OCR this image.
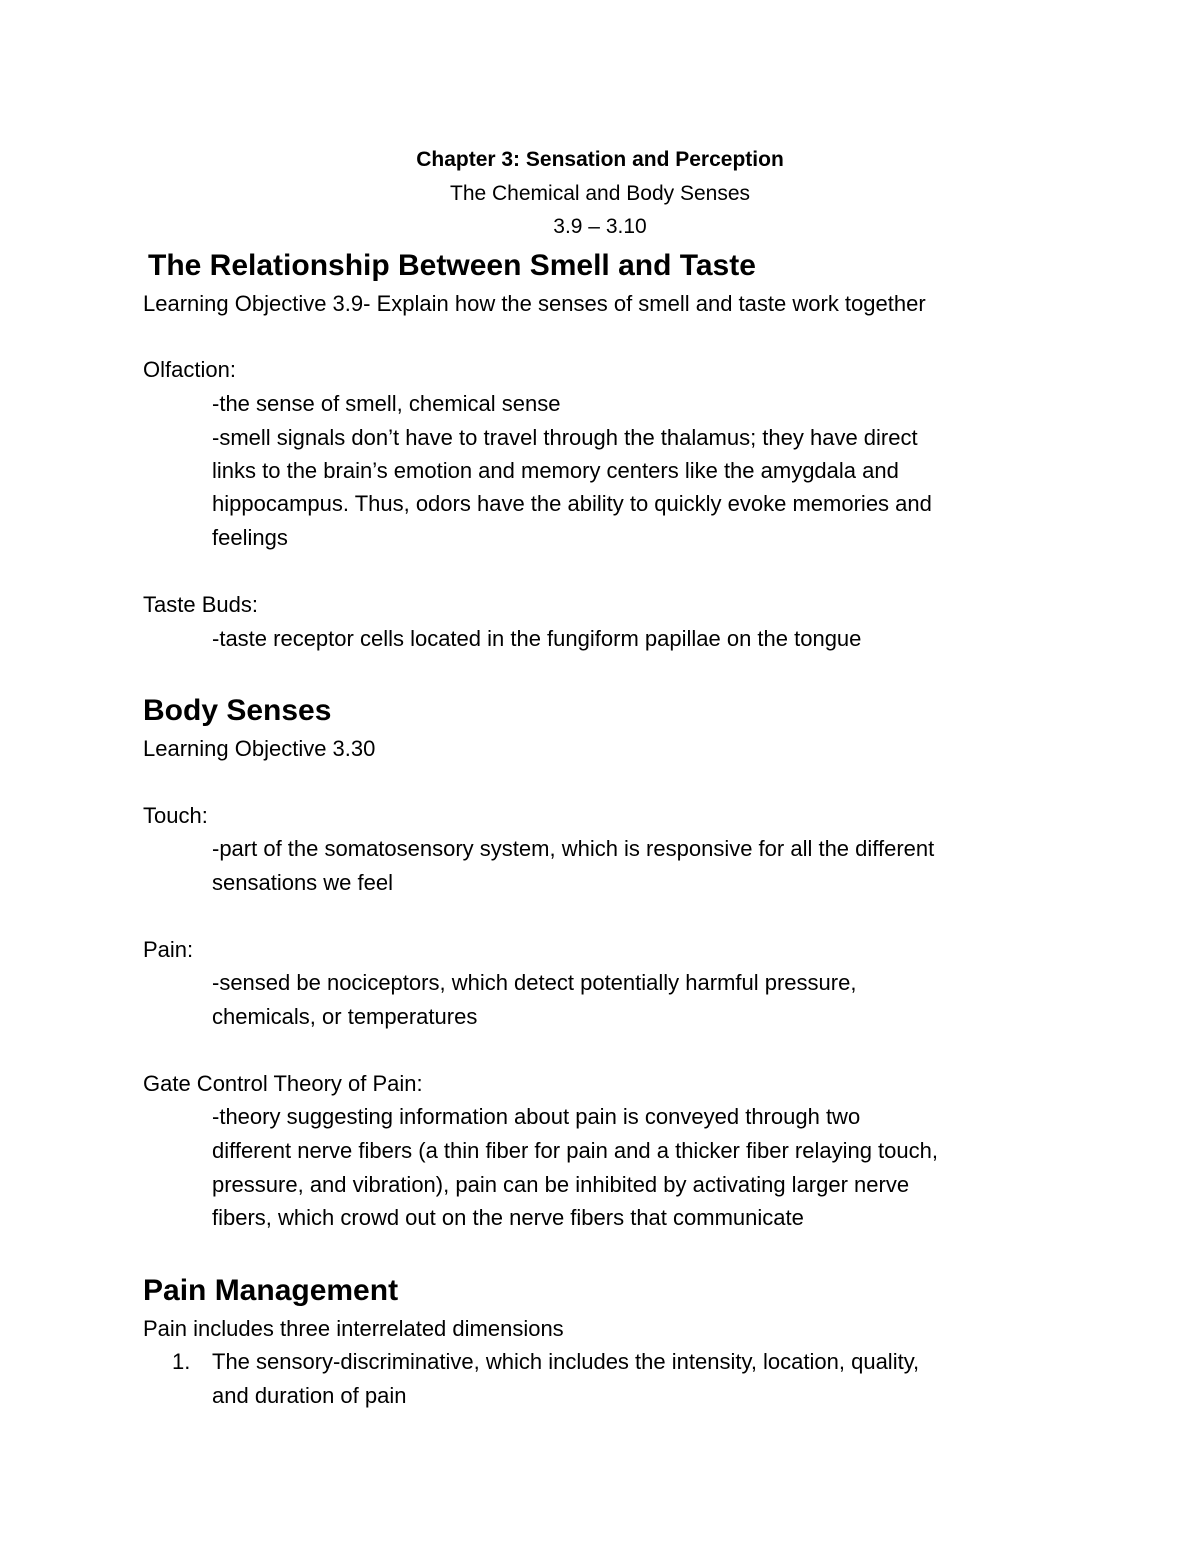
Chapter 3: Sensation and Perception
The Chemical and Body Senses
3.9 – 3.10
The Relationship Between Smell and Taste
Learning Objective 3.9- Explain how the senses of smell and taste work together
Olfaction:
-the sense of smell, chemical sense
-smell signals don’t have to travel through the thalamus; they have direct
links to the brain’s emotion and memory centers like the amygdala and
hippocampus. Thus, odors have the ability to quickly evoke memories and
feelings
Taste Buds:
-taste receptor cells located in the fungiform papillae on the tongue
Body Senses
Learning Objective 3.30
Touch:
-part of the somatosensory system, which is responsive for all the different
sensations we feel
Pain:
-sensed be nociceptors, which detect potentially harmful pressure,
chemicals, or temperatures
Gate Control Theory of Pain:
-theory suggesting information about pain is conveyed through two
different nerve fibers (a thin fiber for pain and a thicker fiber relaying touch,
pressure, and vibration), pain can be inhibited by activating larger nerve
fibers, which crowd out on the nerve fibers that communicate
Pain Management
Pain includes three interrelated dimensions
1. The sensory-discriminative, which includes the intensity, location, quality,
and duration of pain
